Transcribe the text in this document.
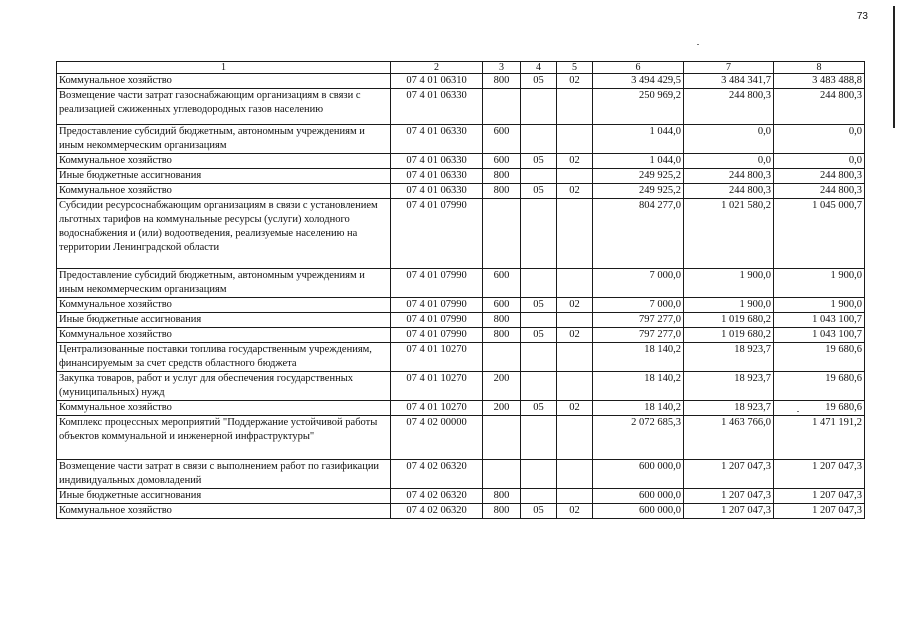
73
1	2	3	4	5	6	7	8
Коммунальное хозяйство	07 4 01 06310	800	05	02	3 494 429,5	3 484 341,7	3 483 488,8
Возмещение части затрат газоснабжающим организациям в связи с реализацией сжиженных углеводородных газов населению	07 4 01 06330				250 969,2	244 800,3	244 800,3
Предоставление субсидий бюджетным, автономным учреждениям и иным некоммерческим организациям	07 4 01 06330	600			1 044,0	0,0	0,0
Коммунальное хозяйство	07 4 01 06330	600	05	02	1 044,0	0,0	0,0
Иные бюджетные ассигнования	07 4 01 06330	800			249 925,2	244 800,3	244 800,3
Коммунальное хозяйство	07 4 01 06330	800	05	02	249 925,2	244 800,3	244 800,3
Субсидии ресурсоснабжающим организациям в связи с установлением льготных тарифов на коммунальные ресурсы (услуги) холодного водоснабжения и (или) водоотведения, реализуемые населению на территории Ленинградской области	07 4 01 07990				804 277,0	1 021 580,2	1 045 000,7
Предоставление субсидий бюджетным, автономным учреждениям и иным некоммерческим организациям	07 4 01 07990	600			7 000,0	1 900,0	1 900,0
Коммунальное хозяйство	07 4 01 07990	600	05	02	7 000,0	1 900,0	1 900,0
Иные бюджетные ассигнования	07 4 01 07990	800			797 277,0	1 019 680,2	1 043 100,7
Коммунальное хозяйство	07 4 01 07990	800	05	02	797 277,0	1 019 680,2	1 043 100,7
Централизованные поставки топлива государственным учреждениям, финансируемым за счет средств областного бюджета	07 4 01 10270				18 140,2	18 923,7	19 680,6
Закупка товаров, работ и услуг для обеспечения государственных (муниципальных) нужд	07 4 01 10270	200			18 140,2	18 923,7	19 680,6
Коммунальное хозяйство	07 4 01 10270	200	05	02	18 140,2	18 923,7	19 680,6
Комплекс процессных мероприятий "Поддержание устойчивой работы объектов коммунальной и инженерной инфраструктуры"	07 4 02 00000				2 072 685,3	1 463 766,0	1 471 191,2
Возмещение части затрат в связи с выполнением работ по газификации индивидуальных домовладений	07 4 02 06320				600 000,0	1 207 047,3	1 207 047,3
Иные бюджетные ассигнования	07 4 02 06320	800			600 000,0	1 207 047,3	1 207 047,3
Коммунальное хозяйство	07 4 02 06320	800	05	02	600 000,0	1 207 047,3	1 207 047,3
